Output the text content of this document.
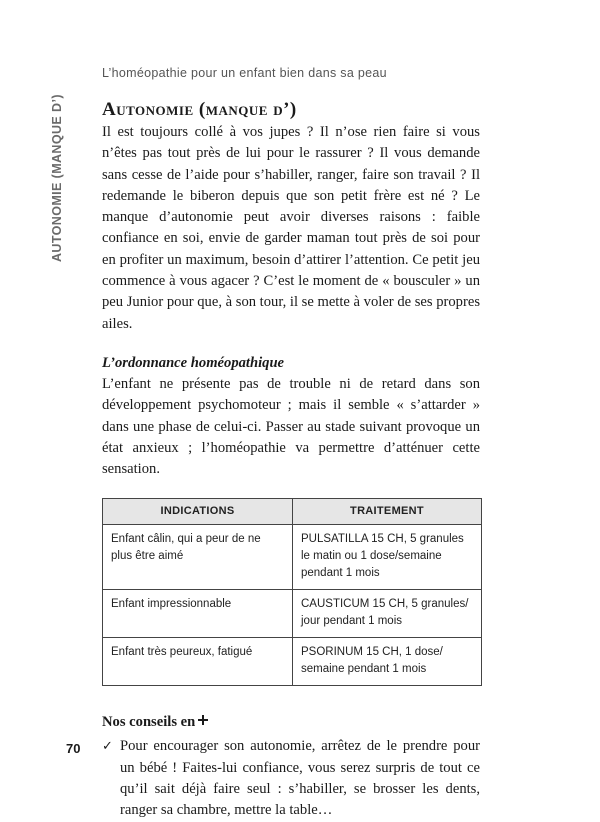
L’homéopathie pour un enfant bien dans sa peau
AUTONOMIE (MANQUE D’) Autonomie (manque d’)

Il est toujours collé à vos jupes ? Il n’ose rien faire si vous n’êtes pas tout près de lui pour le rassurer ? Il vous demande sans cesse de l’aide pour s’habiller, ranger, faire son travail ? Il redemande le biberon depuis que son petit frère est né ? Le manque d’autonomie peut avoir diverses raisons : faible confiance en soi, envie de garder maman tout près de soi pour en profiter un maximum, besoin d’attirer l’attention. Ce petit jeu commence à vous agacer ? C’est le moment de « bousculer » un peu Junior pour que, à son tour, il se mette à voler de ses propres ailes.

L’ordonnance homéopathique

L’enfant ne présente pas de trouble ni de retard dans son développement psychomoteur ; mais il semble « s’attarder » dans une phase de celui-ci. Passer au stade suivant provoque un état anxieux ; l’homéopathie va permettre d’atténuer cette sensation.

INDICATIONS	TRAITEMENT
Enfant câlin, qui a peur de ne plus être aimé	PULSATILLA 15 CH, 5 granules le matin ou 1 dose/semaine pendant 1 mois
Enfant impressionnable	CAUSTICUM 15 CH, 5 granules/ jour pendant 1 mois
Enfant très peureux, fatigué	PSORINUM 15 CH, 1 dose/ semaine pendant 1 mois
Nos conseils en
✓ Pour encourager son autonomie, arrêtez de le prendre pour un bébé ! Faites-lui confiance, vous serez surpris de tout ce qu’il sait déjà faire seul : s’habiller, se brosser les dents, ranger sa chambre, mettre la table…
70
